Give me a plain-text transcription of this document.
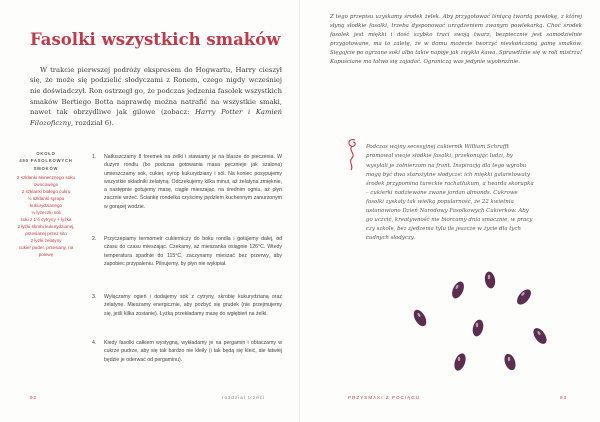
Fasolki wszystkich smaków

W trakcie pierwszej podróży ekspresem do Hogwartu, Harry cieszył się, że może się podzielić słodyczami z Ronem, czego nigdy wcześniej nie doświadczył. Ron ostrzegł go, że podczas jedzenia fasolek wszystkich smaków Bertiego Botta naprawdę można natrafić na wszystkie smaki, nawet tak obrzydliwe jak gilowe (zobacz: Harry Potter i Kamień Filozoficzny, rozdział 6).

OKOŁO
450 FASOLKOWYCH
SMOKÓW
2 szklanki słonecznego soku owocowego
2 szklanki białego cukru
½ szklanki syropu kukurydzianego
¼ łyżeczki soli
soki z 1½ cytryny + łyżka
2 łyżki skrobi kukurydzianej, przesianej przez sito
2 łyżki żelatyny
cukier puder, przesiany, na polewę
1. Natłuszczamy 8 foremek na żelki i stawiamy je na blasze do pieczenia. W dużym rondlu (bo podczas gotowania masa pęcznieje jak szalona) umieszczamy sok, cukier, syrop kukurydziany i sól. Na koniec posypujemy wszystkie składniki żelatyną. Odczekujemy kilka minut, aż żelatyna zmięknie, a następnie gotujemy masę, ciągle mieszając, na średnim ogniu, aż płyn zacznie wrzeć. Ściankę rondelka czyścimy pędzlem kuchennym zanurzonym w gorącej wodzie.
2. Przyczepiamy termometr cukierniczy do boku rondla i gotujemy dalej, od czasu do czasu mieszając. Czekamy, aż mieszanka osiągnie 126°C. Wtedy temperatura spadnie do 115°C, zaczynamy mieszać bez przerwy, aby zapobiec przypaleniu. Pilnujemy, by płyn nie wykipiał.
3. Wyłączamy ogień i dodajemy sok z cytryny, skrobię kukurydzianą oraz żelatynę. Mieszamy energicznie, aby pozbyć się grudek (nie przejmujemy się, jeśli kilka zostanie). Łyżką przekładamy masę do wgłębień na żelki.
4. Kiedy fasolki całkiem wystygną, wykładamy je na pergamin i obtaczamy w cukrze pudrze, aby się tak bardzo nie kleiły (i tak będą się kleić, ale łatwiej będzie je oderwać od pergaminu).
92	rozdział trzeci

Z tego przepisu uzyskamy środek żelek. Aby przygotować lśniącą twardą powłokę, z której słyną słodkie fasolki, trzeba dysponować urządzeniem zwanym powlekarką. Choć środek fasolek jest miękki i dość szybko traci swoją twarz, bezpiecznie jest samodzielnie przygotowane, ma to zaletę, że w domu możecie tworzyć nieskończoną gamę smaków. Sięgajcie po ogrzane soki albo takie napoje jak zwykła kawa. Sprawdźcie się w roli mistrza! Kapuściane ma łatwo się zajadać. Ograniczą was jedynie wyobraźnie.

Podczas wojny secesyjnej cukiernik William Schrafft promował swoje słodkie fasolki, przekonując ludzi, by wysyłali je żołnierzom na front. Inspiracją dla tego wyrobu mogą być dwa starożytne słodycze: ich miękki galaretowaty środek przypomina tureckie rachatłukum, a twarda skorupka – cukierki nadziewane zwane jordan almonds. Cukrowe fasolki zyskały tak wielką popularność, że 22 kwietnia ustanowiono Dzień Narodowy Fasolkowych Cukierków. Aby go uczcić, kreatywność nie biorcamy dnia smacznie, w pracy czy szkole, bez zjedzenia tylu ile jeszcze w życie dla tych cudnych słodyczy.

PRZYSMAKI Z POCIĄGU	93
